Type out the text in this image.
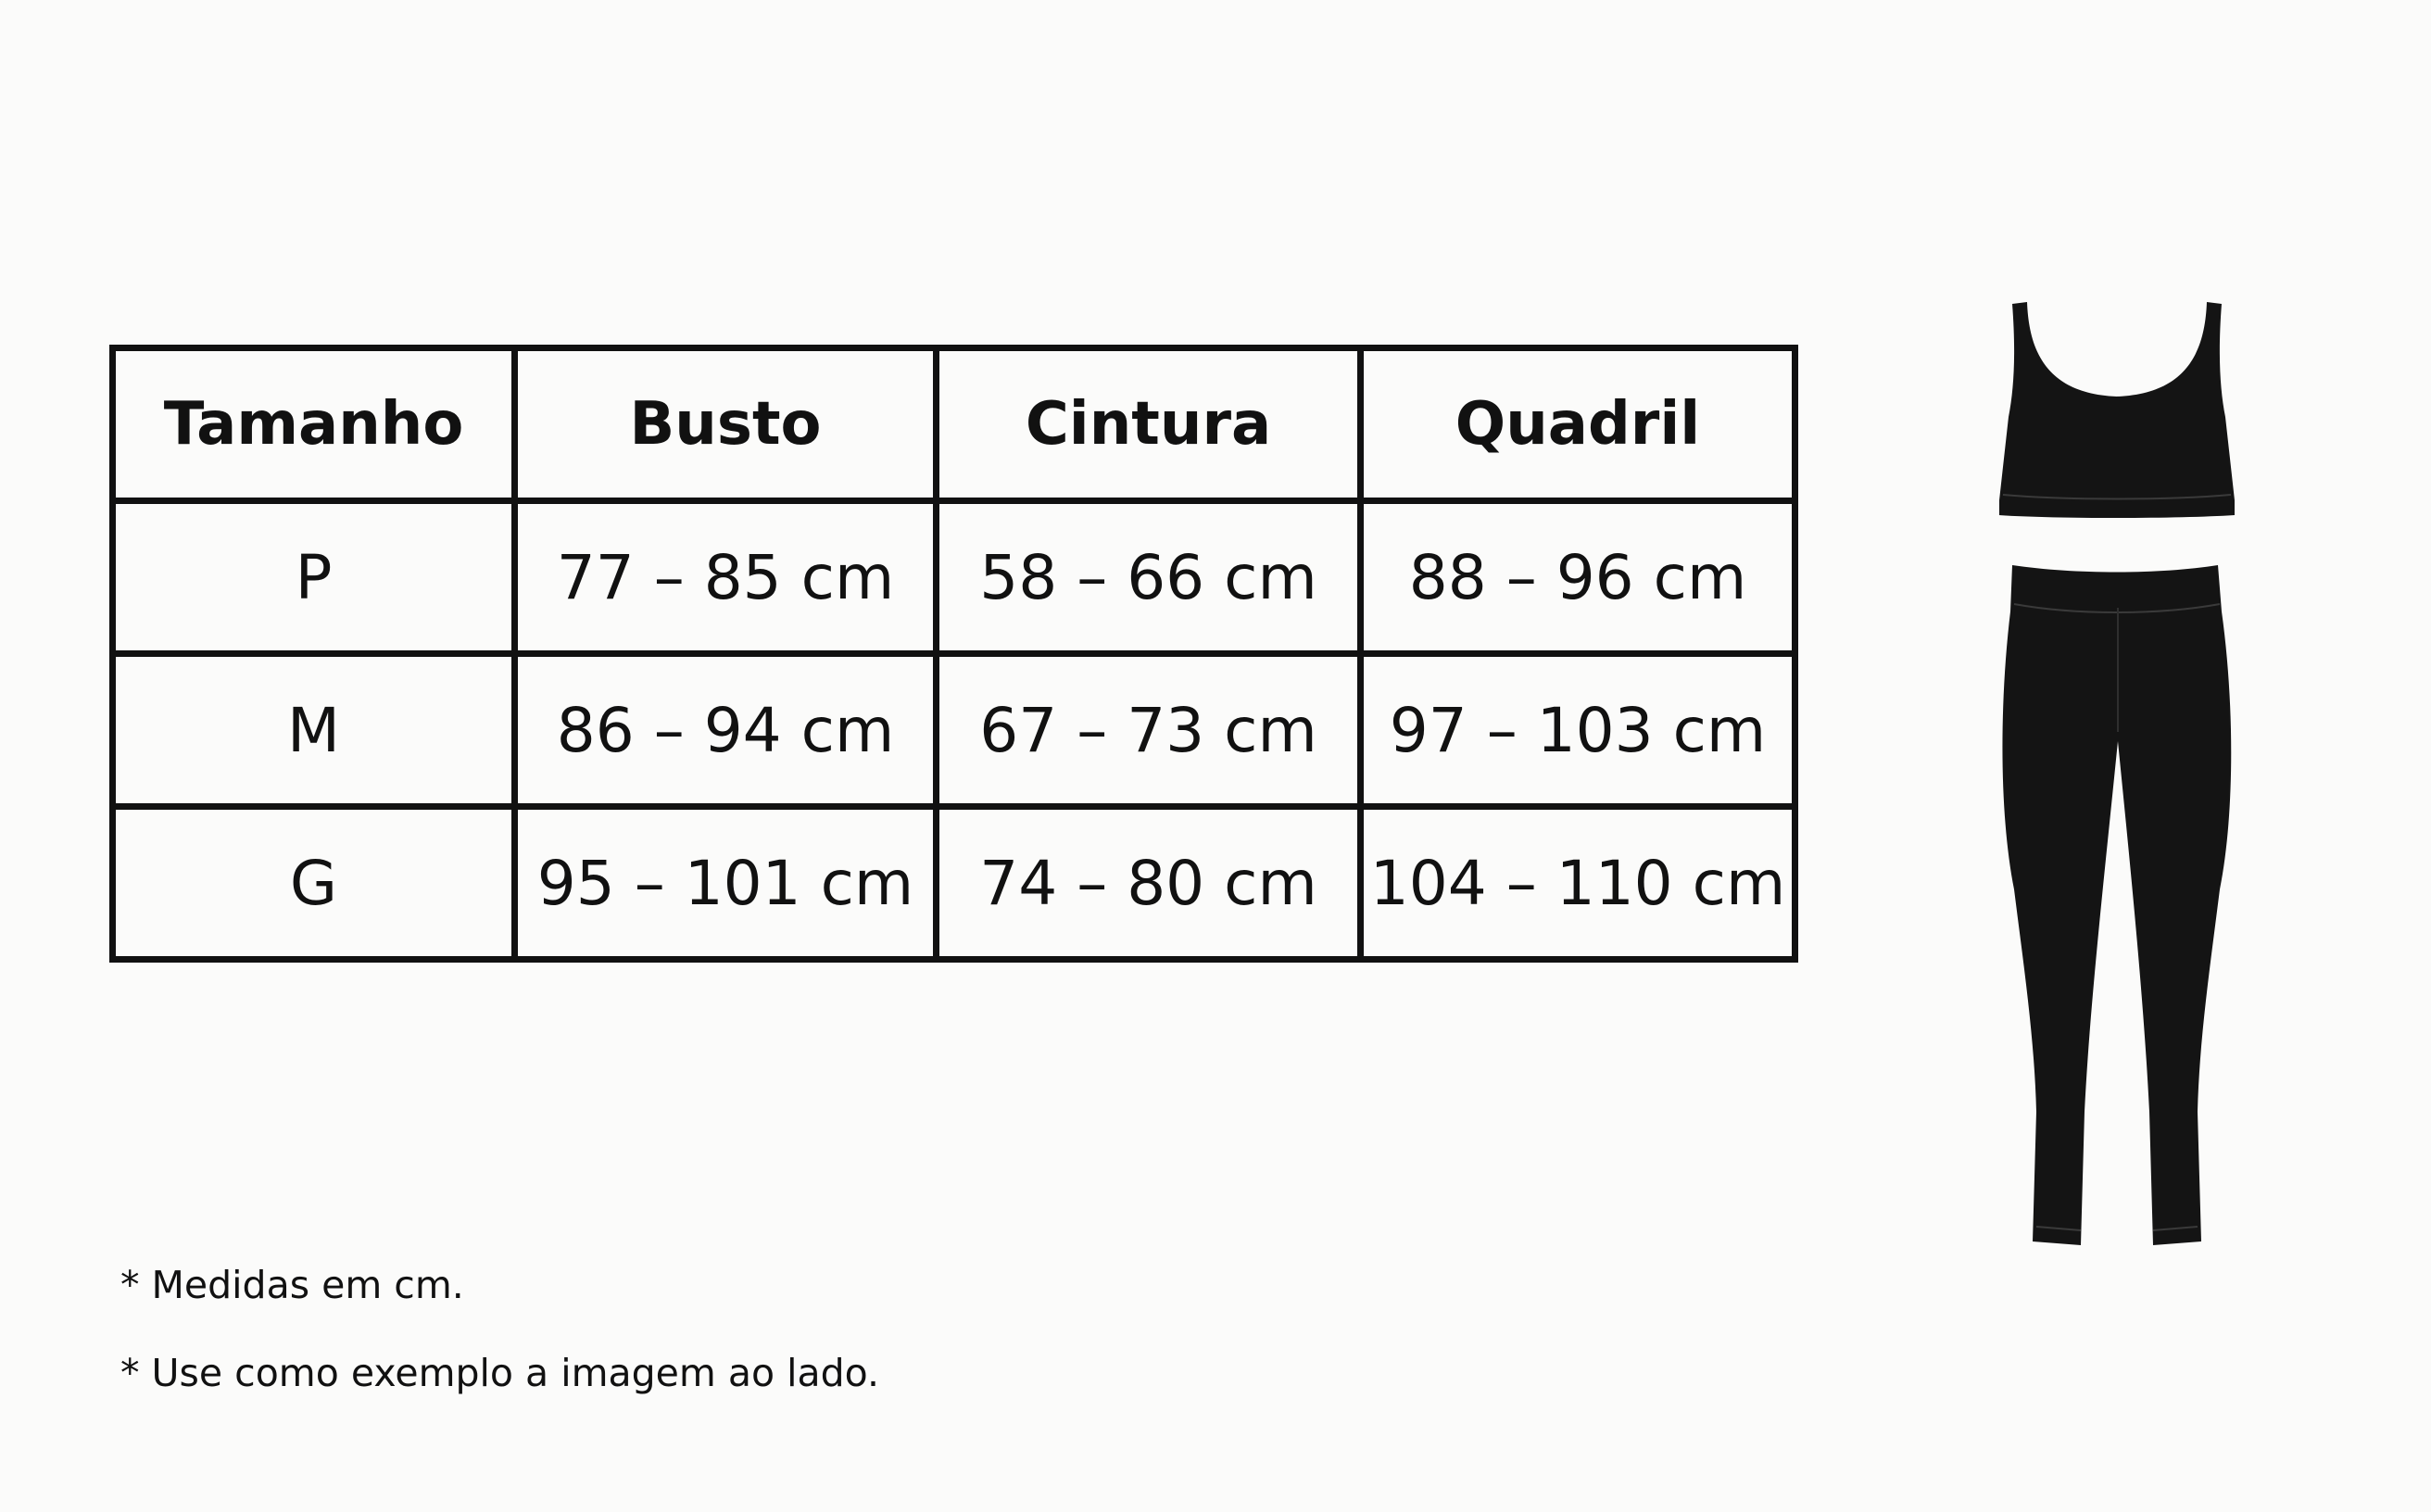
Tamanho	Busto	Cintura	Quadril
P	77 – 85 cm	58 – 66 cm	88 – 96 cm
M	86 – 94 cm	67 – 73 cm	97 – 103 cm
G	95 – 101 cm	74 – 80 cm	104 – 110 cm
* Medidas em cm.
* Use como exemplo a imagem ao lado.
